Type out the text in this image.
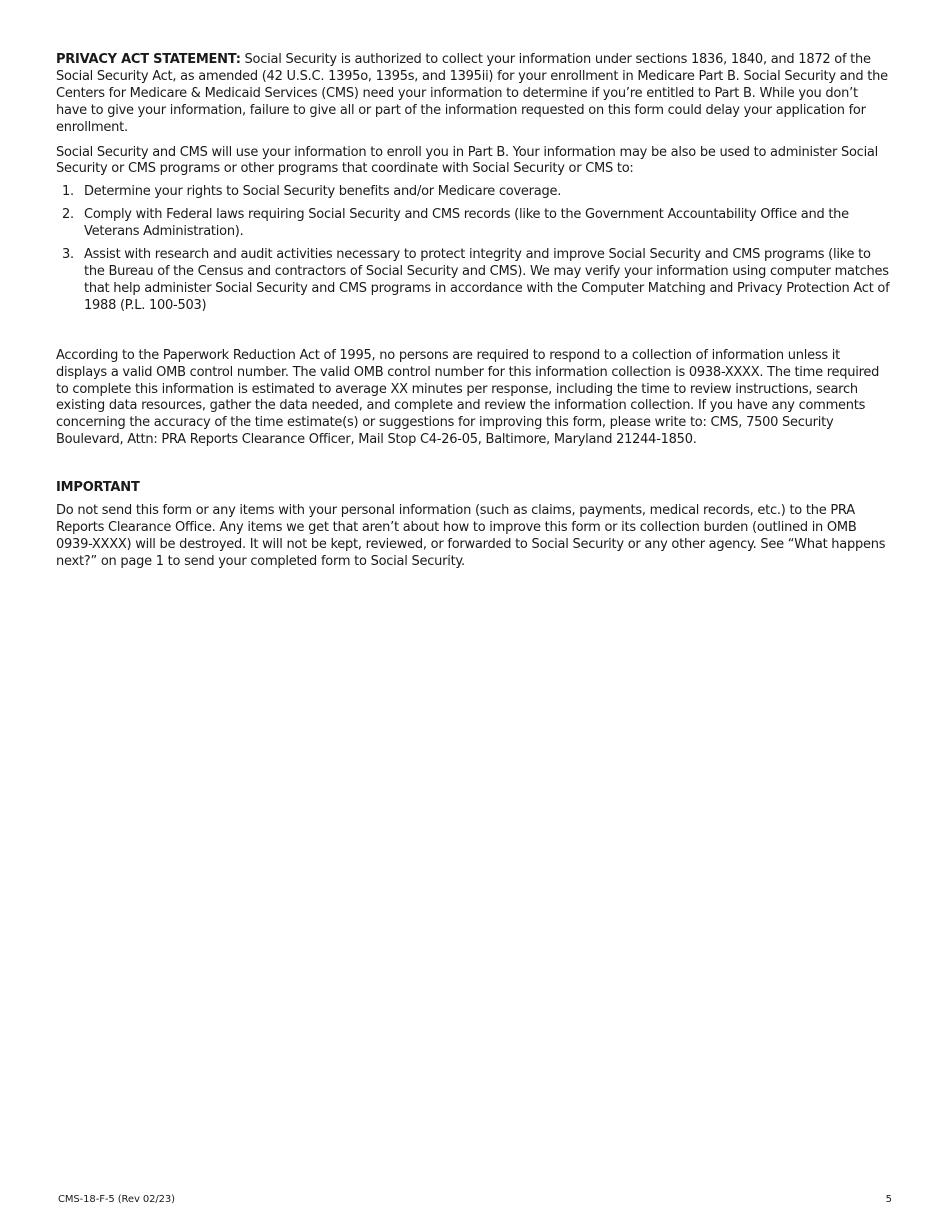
PRIVACY ACT STATEMENT: Social Security is authorized to collect your information under sections 1836, 1840, and 1872 of the Social Security Act, as amended (42 U.S.C. 1395o, 1395s, and 1395ii) for your enrollment in Medicare Part B. Social Security and the Centers for Medicare & Medicaid Services (CMS) need your information to determine if you’re entitled to Part B. While you don’t have to give your information, failure to give all or part of the information requested on this form could delay your application for enrollment.

Social Security and CMS will use your information to enroll you in Part B. Your information may be also be used to administer Social Security or CMS programs or other programs that coordinate with Social Security or CMS to:

1. Determine your rights to Social Security benefits and/or Medicare coverage.
2. Comply with Federal laws requiring Social Security and CMS records (like to the Government Accountability Office and the Veterans Administration).
3. Assist with research and audit activities necessary to protect integrity and improve Social Security and CMS programs (like to the Bureau of the Census and contractors of Social Security and CMS). We may verify your information using computer matches that help administer Social Security and CMS programs in accordance with the Computer Matching and Privacy Protection Act of 1988 (P.L. 100-503)

According to the Paperwork Reduction Act of 1995, no persons are required to respond to a collection of information unless it displays a valid OMB control number. The valid OMB control number for this information collection is 0938-XXXX. The time required to complete this information is estimated to average XX minutes per response, including the time to review instructions, search existing data resources, gather the data needed, and complete and review the information collection. If you have any comments concerning the accuracy of the time estimate(s) or suggestions for improving this form, please write to: CMS, 7500 Security Boulevard, Attn: PRA Reports Clearance Officer, Mail Stop C4-26-05, Baltimore, Maryland 21244-1850.

IMPORTANT

Do not send this form or any items with your personal information (such as claims, payments, medical records, etc.) to the PRA Reports Clearance Office. Any items we get that aren’t about how to improve this form or its collection burden (outlined in OMB 0939-XXXX) will be destroyed. It will not be kept, reviewed, or forwarded to Social Security or any other agency. See “What happens next?” on page 1 to send your completed form to Social Security.

CMS-18-F-5 (Rev 02/23)	5
